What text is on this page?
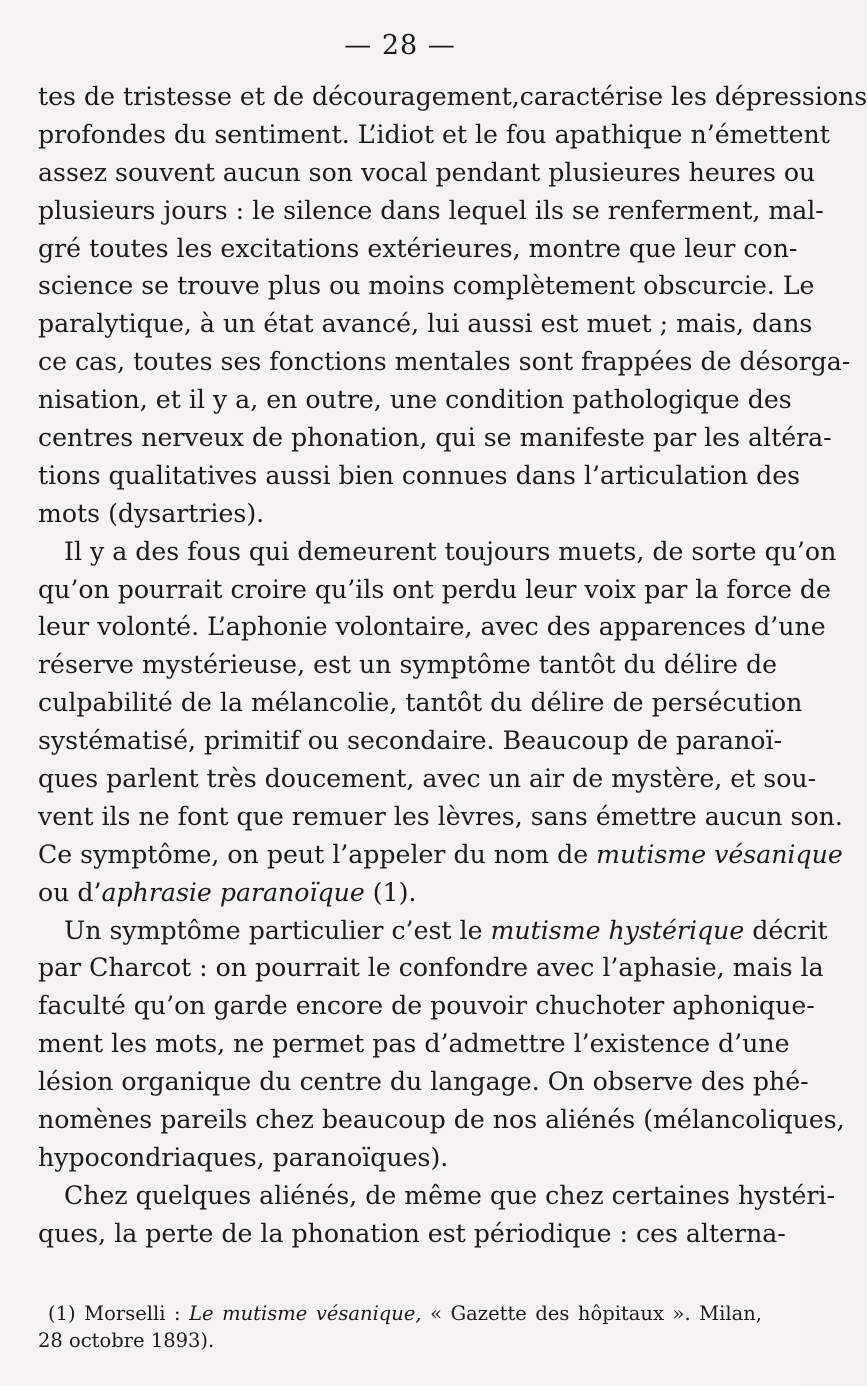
— 28 —
tes de tristesse et de découragement,caractérise les dépressions
profondes du sentiment. L’idiot et le fou apathique n’émettent
assez souvent aucun son vocal pendant plusieures heures ou
plusieurs jours : le silence dans lequel ils se renferment, mal-
gré toutes les excitations extérieures, montre que leur con-
science se trouve plus ou moins complètement obscurcie. Le
paralytique, à un état avancé, lui aussi est muet ; mais, dans
ce cas, toutes ses fonctions mentales sont frappées de désorga-
nisation, et il y a, en outre, une condition pathologique des
centres nerveux de phonation, qui se manifeste par les altéra-
tions qualitatives aussi bien connues dans l’articulation des
mots (dysartries).
Il y a des fous qui demeurent toujours muets, de sorte qu’on
qu’on pourrait croire qu’ils ont perdu leur voix par la force de
leur volonté. L’aphonie volontaire, avec des apparences d’une
réserve mystérieuse, est un symptôme tantôt du délire de
culpabilité de la mélancolie, tantôt du délire de persécution
systématisé, primitif ou secondaire. Beaucoup de paranoï-
ques parlent très doucement, avec un air de mystère, et sou-
vent ils ne font que remuer les lèvres, sans émettre aucun son.
Ce symptôme, on peut l’appeler du nom de mutisme vésanique
ou d’aphrasie paranoïque (1).
Un symptôme particulier c’est le mutisme hystérique décrit
par Charcot : on pourrait le confondre avec l’aphasie, mais la
faculté qu’on garde encore de pouvoir chuchoter aphonique-
ment les mots, ne permet pas d’admettre l’existence d’une
lésion organique du centre du langage. On observe des phé-
nomènes pareils chez beaucoup de nos aliénés (mélancoliques,
hypocondriaques, paranoïques).
Chez quelques aliénés, de même que chez certaines hystéri-
ques, la perte de la phonation est périodique : ces alterna-
(1) Morselli : Le mutisme vésanique, « Gazette des hôpitaux ». Milan,
28 octobre 1893).
